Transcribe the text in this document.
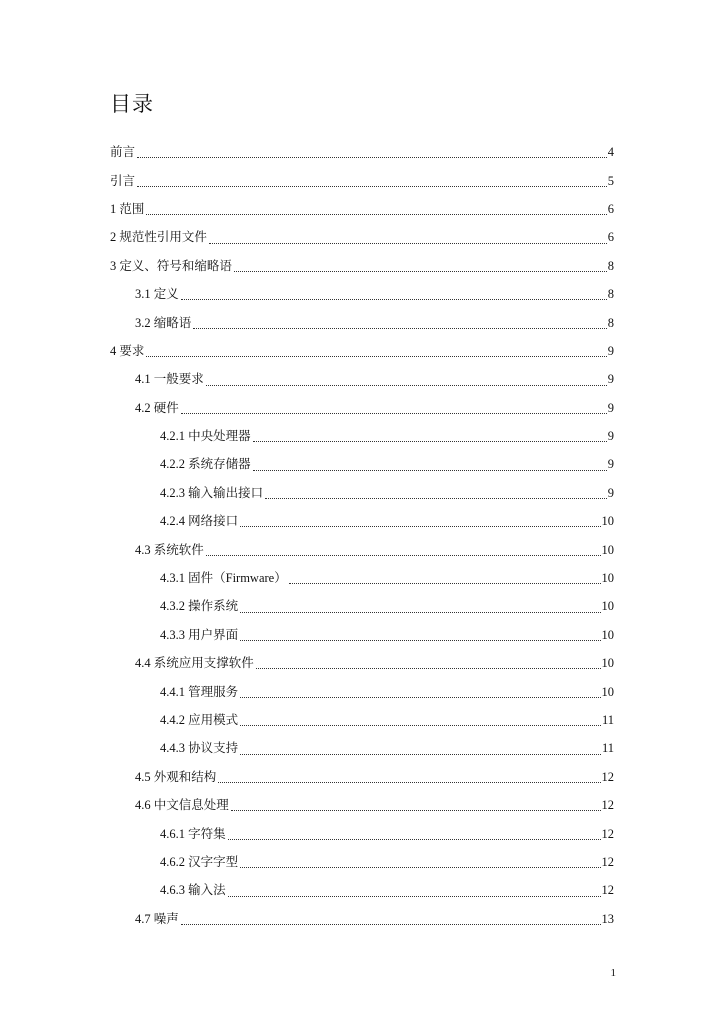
目录
前言	4
引言	5
1 范围	6
2 规范性引用文件	6
3 定义、符号和缩略语	8
3.1 定义	8
3.2 缩略语	8
4 要求	9
4.1 一般要求	9
4.2 硬件	9
4.2.1 中央处理器	9
4.2.2 系统存储器	9
4.2.3 输入输出接口	9
4.2.4 网络接口	10
4.3 系统软件	10
4.3.1 固件（Firmware）	10
4.3.2 操作系统	10
4.3.3 用户界面	10
4.4 系统应用支撑软件	10
4.4.1 管理服务	10
4.4.2 应用模式	11
4.4.3 协议支持	11
4.5 外观和结构	12
4.6 中文信息处理	12
4.6.1 字符集	12
4.6.2 汉字字型	12
4.6.3 输入法	12
4.7 噪声	13
1
